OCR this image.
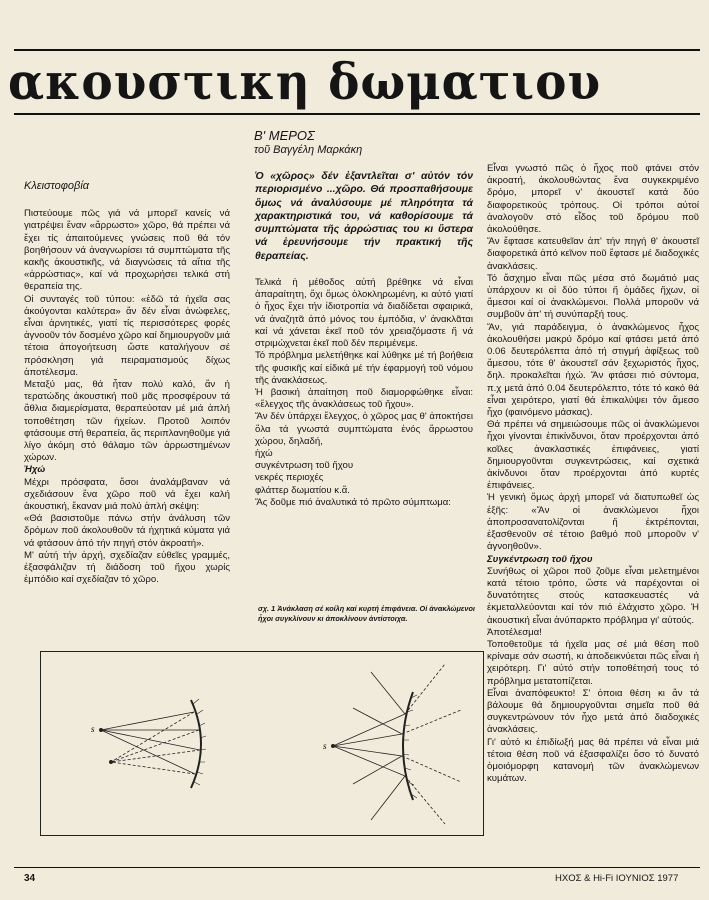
ακουστικη δωματιου
Β' ΜΕΡΟΣ
τοῦ Βαγγέλη Μαρκάκη

Κλειστοφοβία

Πιστεύουμε πῶς γιά νά μπορεῖ κανείς νά γιατρέψει ἕναν «ἄρρωστο» χῶρο, θά πρέπει νά ἔχει τίς ἀπαιτούμενες γνώσεις ποῦ θά τόν βοηθήσουν νά ἀναγνωρίσει τά συμπτώματα τῆς κακῆς ἀκουστικῆς, νά διαγνώσεις τά αἴτια τῆς «ἀρρώστιας», καί νά προχωρήσει τελικά στή θεραπεία της.

Οἱ συνταγές τοῦ τύπου: «ἐδῶ τά ἠχεῖα σας ἀκούγονται καλύτερα» ἄν δέν εἶναι ἀνώφελες, εἶναι ἀρνητικές, γιατί τίς περισσότερες φορές ἀγνοοῦν τόν δοσμένο χῶρο καί δημιουργοῦν μιά τέτοια ἀπογοήτευση ὥστε καταλήγουν σέ πρόσκληση γιά πειραματισμούς δίχως ἀποτέλεσμα.

Μεταξύ μας, θά ἦταν πολύ καλό, ἄν ἡ τερατώδης ἀκουστική ποῦ μᾶς προσφέρουν τά ἄθλια διαμερίσματα, θεραπεύοταν μέ μιά ἁπλή τοποθέτηση τῶν ἠχείων. Προτοῦ λοιπόν φτάσουμε στή θεραπεία, ἄς περιπλανηθοῦμε γιά λίγο ἀκόμη στό θάλαμο τῶν ἀρρωστημένων χώρων.

Ἠχώ

Μέχρι πρόσφατα, ὅσοι ἀναλάμβαναν νά σχεδιάσουν ἕνα χῶρο ποῦ νά ἔχει καλή ἀκουστική, ἔκαναν μιά πολύ ἁπλή σκέψη:

«Θά βασιστοῦμε πάνω στήν ἀνάλυση τῶν δρόμων ποῦ ἀκολουθοῦν τά ἠχητικά κύματα γιά νά φτάσουν ἀπό τήν πηγή στόν ἀκροατή».

Μ' αὐτή τήν ἀρχή, σχεδίαζαν εὐθεῖες γραμμές, ἐξασφάλιζαν τή διάδοση τοῦ ἤχου χωρίς ἐμπόδιο καί σχεδίαζαν τό χῶρο.

Ὁ «χῶρος» δέν ἐξαντλεῖται σ' αὐτόν τόν περιορισμένο ...χῶρο. Θά προσπαθήσουμε ὅμως νά ἀναλύσουμε μέ πληρότητα τά χαρακτηριστικά του, νά καθορίσουμε τά συμπτώματα τῆς ἀρρώστιας του κι ὕστερα νά ἐρευνήσουμε τήν πρακτική τῆς θεραπείας.

Τελικά ἡ μέθοδος αὐτή βρέθηκε νά εἶναι ἀπαραίτητη, ὄχι ὅμως ὁλοκληρωμένη, κι αὐτό γιατί ὁ ἦχος ἔχει τήν ἰδιοτροπία νά διαδίδεται σφαιρικά, νά ἀναζητᾶ ἀπό μόνος του ἐμπόδια, ν' ἀνακλᾶται καί νά χάνεται ἐκεῖ ποῦ τόν χρειαζόμαστε ἤ νά στριμώχνεται ἐκεῖ ποῦ δέν περιμένεμε.

Τό πρόβλημα μελετήθηκε καί λύθηκε μέ τή βοήθεια τῆς φυσικῆς καί εἰδικά μέ τήν ἐφαρμογή τοῦ νόμου τῆς ἀνακλάσεως.

Ἡ βασική ἀπαίτηση ποῦ διαμορφώθηκε εἶναι: «ἔλεγχος τῆς ἀνακλάσεως τοῦ ἤχου».

Ἄν δέν ὑπάρχει ἔλεγχος, ὁ χῶρος μας θ' ἀποκτήσει ὅλα τά γνωστά συμπτώματα ἑνός ἄρρωστου χώρου, δηλαδή,

ἠχώ

συγκέντρωση τοῦ ἤχου

νεκρές περιοχές

φλάττερ δωματίου κ.ἄ.

Ἄς δοῦμε πιό ἀναλυτικά τό πρῶτο σύμπτωμα:

σχ. 1 Ἀνάκλαση σέ κοίλη καί κυρτή ἐπιφάνεια. Οἱ ἀνακλώμενοι ἦχοι συγκλίνουν κι ἀποκλίνουν ἀντίστοιχα.

Εἶναι γνωστό πῶς ὁ ἦχος ποῦ φτάνει στόν ἀκροατή, ἀκολουθώντας ἕνα συγκεκριμένο δρόμο, μπορεῖ ν' ἀκουστεῖ κατά δύο διαφορετικούς τρόπους. Οἱ τρόποι αὐτοί ἀναλογοῦν στό εἶδος τοῦ δρόμου ποῦ ἀκολούθησε.

Ἄν ἔφτασε κατευθεῖαν ἀπ' τήν πηγή θ' ἀκουστεῖ διαφορετικά ἀπό κεῖνον ποῦ ἔφτασε μέ διαδοχικές ἀνακλάσεις.

Τό ἄσχημο εἶναι πῶς μέσα στό δωμάτιό μας ὑπάρχουν κι οἱ δύο τύποι ἤ ὁμάδες ἤχων, οἱ ἄμεσοι καί οἱ ἀνακλώμενοι. Πολλά μποροῦν νά συμβοῦν ἀπ' τή συνύπαρξή τους.

Ἄν, γιά παράδειγμα, ὁ ἀνακλώμενος ἦχος ἀκολουθήσει μακρύ δρόμο καί φτάσει μετά ἀπό 0.06 δευτερόλεπτα ἀπό τή στιγμή ἀφίξεως τοῦ ἄμεσου, τότε θ' ἀκουστεῖ σάν ξεχωριστός ἦχος, δηλ. προκαλεῖται ἠχώ. Ἄν φτάσει πιό σύντομα, π.χ μετά ἀπό 0.04 δευτερόλεπτο, τότε τό κακό θά εἶναι χειρότερο, γιατί θά ἐπικαλύψει τόν ἄμεσο ἦχο (φαινόμενο μάσκας).

Θά πρέπει νά σημειώσουμε πῶς οἱ ἀνακλώμενοι ἦχοι γίνονται ἐπικίνδυνοι, ὅταν προέρχονται ἀπό κοῖλες ἀνακλαστικές ἐπιφάνειες, γιατί δημιουργοῦνται συγκεντρώσεις, καί σχετικά ἀκίνδυνοι ὅταν προέρχονται ἀπό κυρτές ἐπιφάνειες.

Ἡ γενική ὅμως ἀρχή μπορεῖ νά διατυπωθεῖ ὡς ἑξῆς: «Ἄν οἱ ἀνακλώμενοι ἦχοι ἀποπροσανατολίζονται ἤ ἐκτρέπονται, ἐξασθενοῦν σέ τέτοιο βαθμό ποῦ μποροῦν ν' ἀγνοηθοῦν».

Συγκέντρωση τοῦ ἤχου

Συνήθως οἱ χῶροι ποῦ ζοῦμε εἶναι μελετημένοι κατά τέτοιο τρόπο, ὥστε νά παρέχονται οἱ δυνατότητες στούς κατασκευαστές νά ἐκμεταλλεύονται καί τόν πιό ἐλάχιστο χῶρο. Ἡ ἀκουστική εἶναι ἀνύπαρκτο πρόβλημα γι' αὐτούς.

Ἀποτέλεσμα!

Τοποθετοῦμε τά ἠχεῖα μας σέ μιά θέση ποῦ κρίναμε σάν σωστή, κι ἀποδεικνύεται πῶς εἶναι ἡ χειρότερη. Γι' αὐτό στήν τοποθέτησή τους τό πρόβλημα μετατοπίζεται.

Εἶναι ἀναπόφευκτο! Σ' ὁποια θέση κι ἄν τά βάλουμε θά δημιουργοῦνται σημεῖα ποῦ θά συγκεντρώνουν τόν ἦχο μετά ἀπό διαδοχικές ἀνακλάσεις.

Γι' αὐτό κι ἐπιδίωξή μας θά πρέπει νά εἶναι μιά τέτοια θέση ποῦ νά ἐξασφαλίζει ὅσο τό δυνατό ὁμοιόμορφη κατανομή τῶν ἀνακλώμενων κυμάτων.

s
s
34	ΗΧΟΣ & Hi-Fi ΙΟΥΝΙΟΣ 1977
